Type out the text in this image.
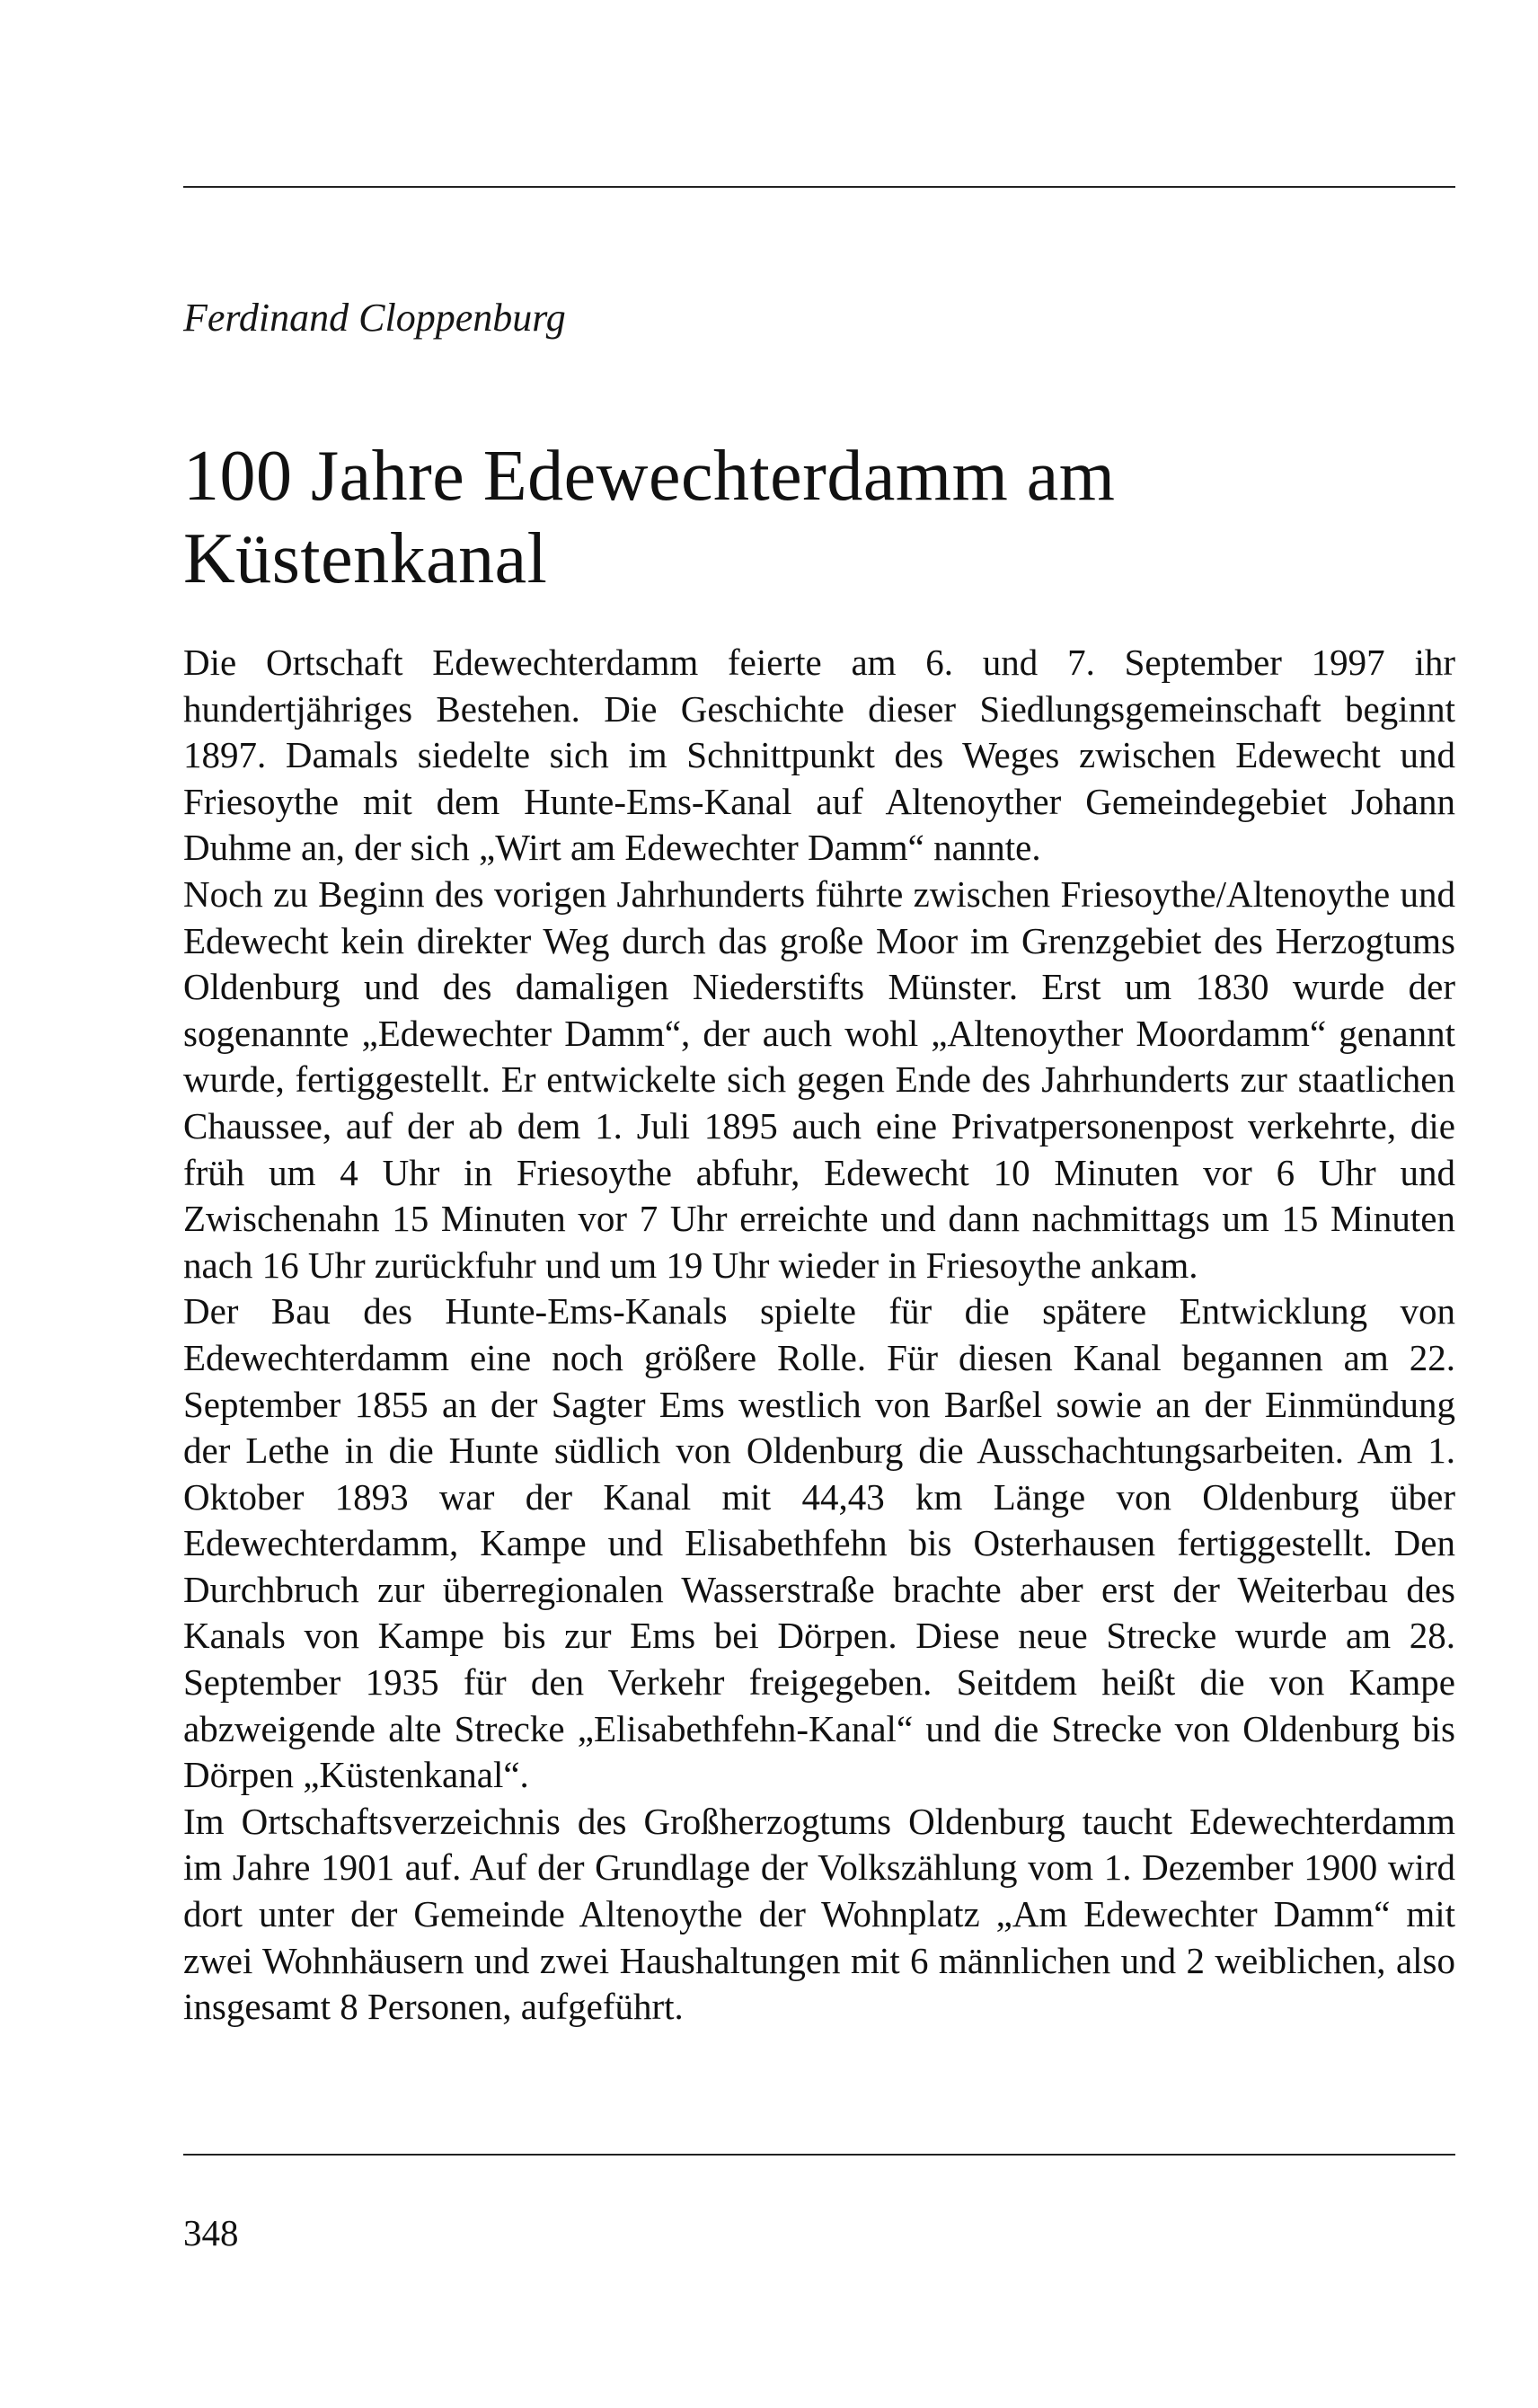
Ferdinand Cloppenburg

100 Jahre Edewechterdamm am Küstenkanal

Die Ortschaft Edewechterdamm feierte am 6. und 7. September 1997 ihr hundertjähriges Bestehen. Die Geschichte dieser Siedlungsgemeinschaft beginnt 1897. Damals siedelte sich im Schnittpunkt des Weges zwischen Edewecht und Friesoythe mit dem Hunte-Ems-Kanal auf Altenoyther Gemeindegebiet Johann Duhme an, der sich „Wirt am Edewechter Damm“ nannte.

Noch zu Beginn des vorigen Jahrhunderts führte zwischen Friesoythe/Altenoythe und Edewecht kein direkter Weg durch das große Moor im Grenzgebiet des Herzogtums Oldenburg und des damaligen Niederstifts Münster. Erst um 1830 wurde der sogenannte „Edewechter Damm“, der auch wohl „Altenoyther Moordamm“ genannt wurde, fertiggestellt. Er entwickelte sich gegen Ende des Jahrhunderts zur staatlichen Chaussee, auf der ab dem 1. Juli 1895 auch eine Privatpersonenpost verkehrte, die früh um 4 Uhr in Friesoythe abfuhr, Edewecht 10 Minuten vor 6 Uhr und Zwischenahn 15 Minuten vor 7 Uhr erreichte und dann nachmittags um 15 Minuten nach 16 Uhr zurückfuhr und um 19 Uhr wieder in Friesoythe ankam.

Der Bau des Hunte-Ems-Kanals spielte für die spätere Entwicklung von Edewechterdamm eine noch größere Rolle. Für diesen Kanal begannen am 22. September 1855 an der Sagter Ems westlich von Barßel sowie an der Einmündung der Lethe in die Hunte südlich von Oldenburg die Ausschachtungsarbeiten. Am 1. Oktober 1893 war der Kanal mit 44,43 km Länge von Oldenburg über Edewechterdamm, Kampe und Elisabethfehn bis Osterhausen fertiggestellt. Den Durchbruch zur überregionalen Wasserstraße brachte aber erst der Weiterbau des Kanals von Kampe bis zur Ems bei Dörpen. Diese neue Strecke wurde am 28. September 1935 für den Verkehr freigegeben. Seitdem heißt die von Kampe abzweigende alte Strecke „Elisabethfehn-Kanal“ und die Strecke von Oldenburg bis Dörpen „Küstenkanal“.

Im Ortschaftsverzeichnis des Großherzogtums Oldenburg taucht Edewechterdamm im Jahre 1901 auf. Auf der Grundlage der Volkszählung vom 1. Dezember 1900 wird dort unter der Gemeinde Altenoythe der Wohnplatz „Am Edewechter Damm“ mit zwei Wohnhäusern und zwei Haushaltungen mit 6 männlichen und 2 weiblichen, also insgesamt 8 Personen, aufgeführt.

348
